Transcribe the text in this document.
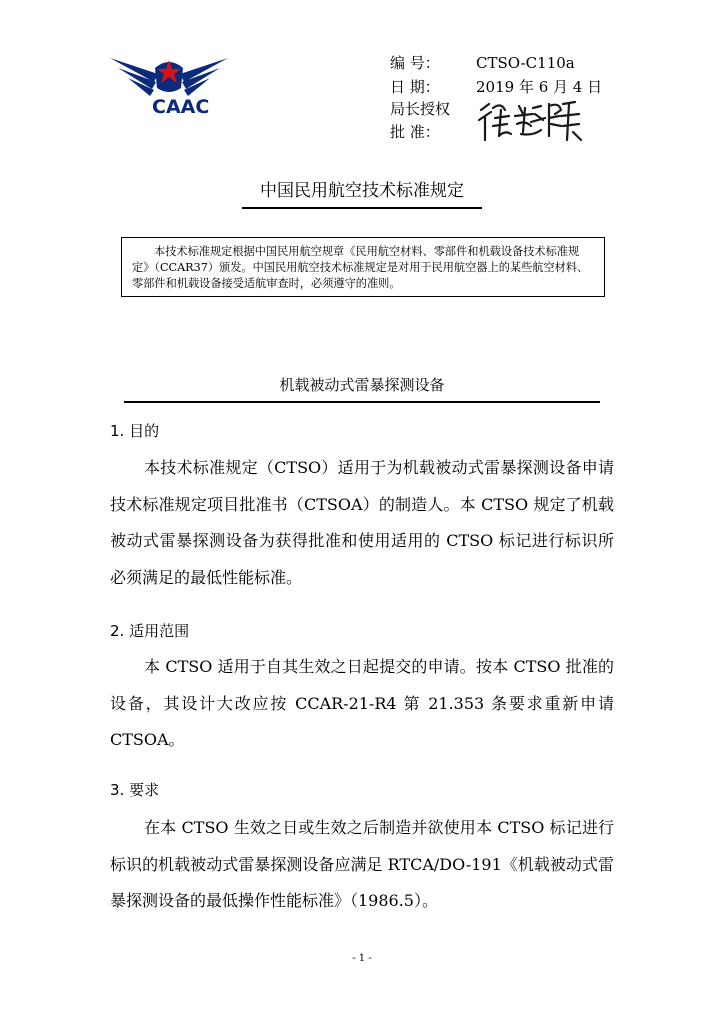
CAAC
编 号： CTSO-C110a
日 期： 2019 年 6 月 4 日
局长授权
批 准：
中国民用航空技术标准规定
本技术标准规定根据中国民用航空规章《民用航空材料、零部件和机载设备技术标准规定》（CCAR37）颁发。中国民用航空技术标准规定是对用于民用航空器上的某些航空材料、零部件和机载设备接受适航审查时，必须遵守的准则。
机载被动式雷暴探测设备
1. 目的
本技术标准规定（CTSO）适用于为机载被动式雷暴探测设备申请技术标准规定项目批准书（CTSOA）的制造人。本 CTSO 规定了机载被动式雷暴探测设备为获得批准和使用适用的 CTSO 标记进行标识所必须满足的最低性能标准。
2. 适用范围
本 CTSO 适用于自其生效之日起提交的申请。按本 CTSO 批准的设备，其设计大改应按 CCAR-21-R4 第 21.353 条要求重新申请 CTSOA。
3. 要求
在本 CTSO 生效之日或生效之后制造并欲使用本 CTSO 标记进行标识的机载被动式雷暴探测设备应满足 RTCA/DO-191《机载被动式雷暴探测设备的最低操作性能标准》（1986.5）。
- 1 -
